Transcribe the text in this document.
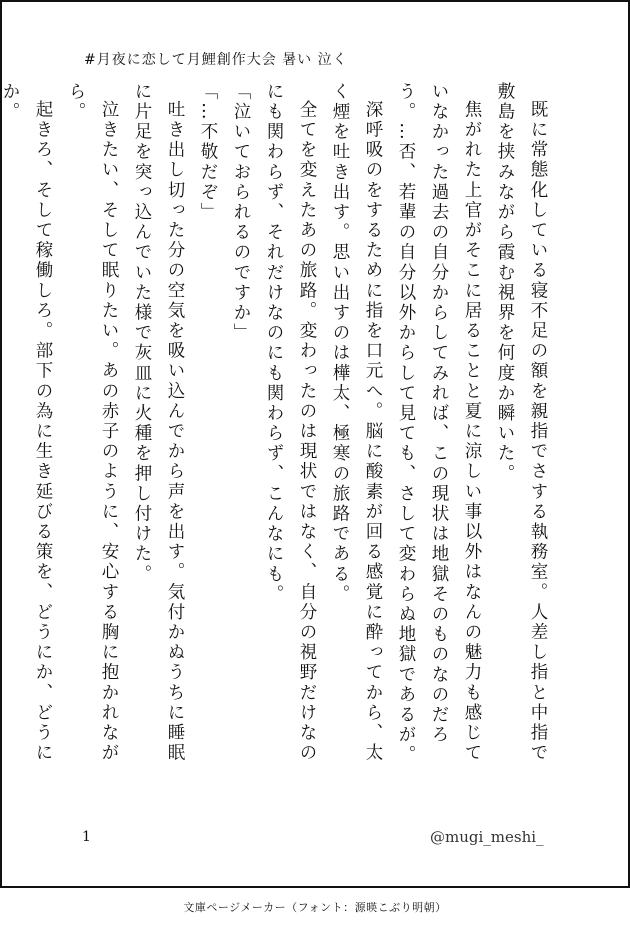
#月夜に恋して月鯉創作大会 暑い 泣く

既に常態化している寝不足の額を親指でさする執務室。人差し指と中指で敷島を挟みながら霞む視界を何度か瞬いた。

焦がれた上官がそこに居ることと夏に涼しい事以外はなんの魅力も感じていなかった過去の自分からしてみれば、この現状は地獄そのものなのだろう。…否、若輩の自分以外からして見ても、さして変わらぬ地獄であるが。

深呼吸のをするために指を口元へ。脳に酸素が回る感覚に酔ってから、太く煙を吐き出す。思い出すのは樺太、極寒の旅路である。

全てを変えたあの旅路。変わったのは現状ではなく、自分の視野だけなのにも関わらず、それだけなのにも関わらず、こんなにも。

「泣いておられるのですか」

「…不敬だぞ」

吐き出し切った分の空気を吸い込んでから声を出す。気付かぬうちに睡眠に片足を突っ込んでいた様で灰皿に火種を押し付けた。

泣きたい、そして眠りたい。あの赤子のように、安心する胸に抱かれながら。

起きろ、そして稼働しろ。部下の為に生き延びる策を、どうにか、どうにか。

1	@mugi_meshi_
文庫ページメーカー（フォント：源暎こぶり明朝）
